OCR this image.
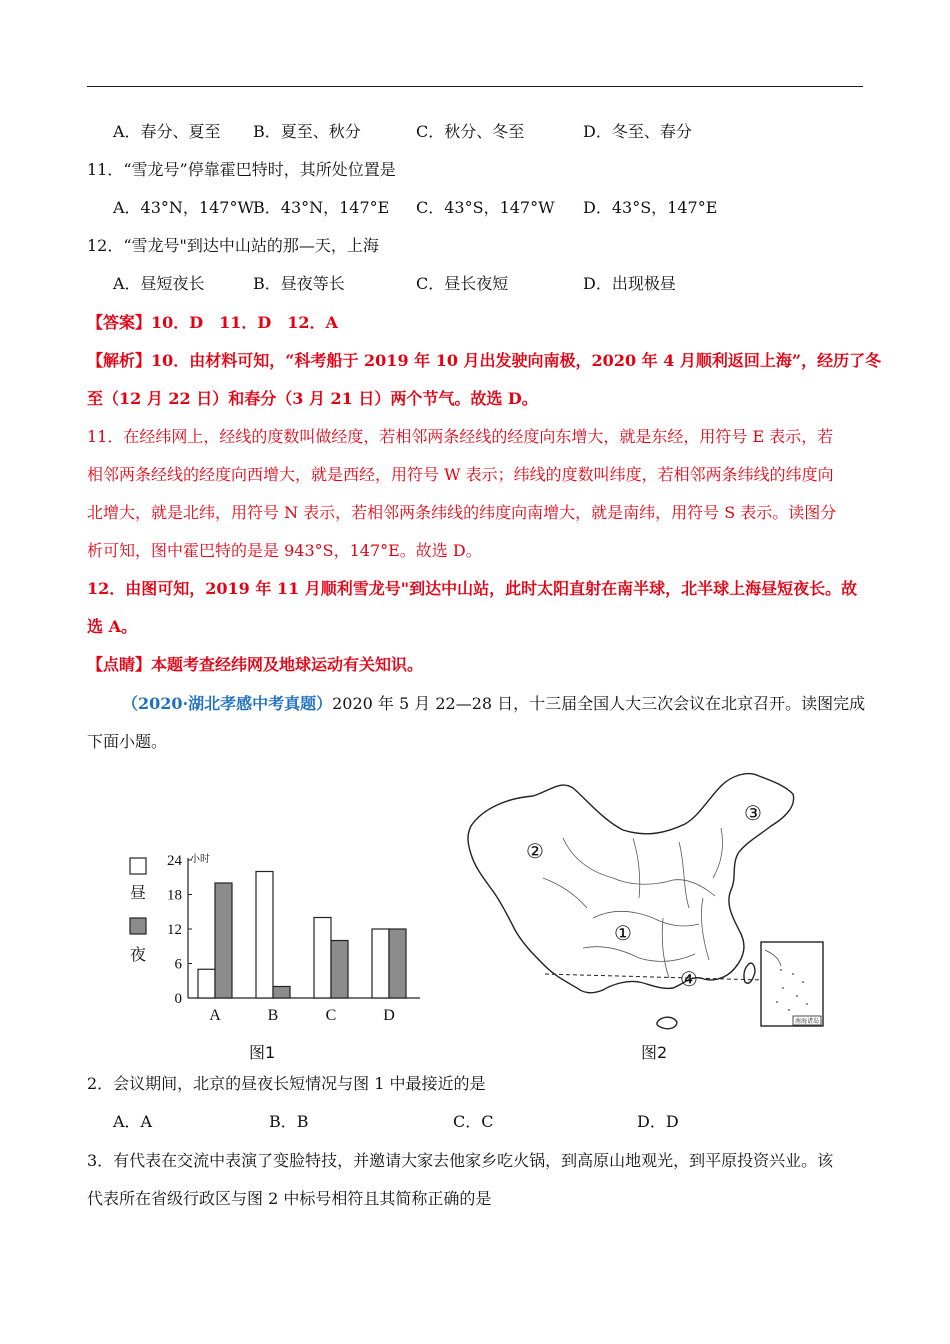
A．春分、夏至 B．夏至、秋分	C．秋分、冬至	D．冬至、春分
11．“雪龙号”停靠霍巴特时，其所处位置是
A．43°N，147°W B．43°N，147°E C．43°S，147°W D．43°S，147°E
12．“雪龙号"到达中山站的那—天，上海
A．昼短夜长	B．昼夜等长	C．昼长夜短	D．出现极昼
【答案】10．D　11．D　12．A
【解析】10．由材料可知，“科考船于 2019 年 10 月出发驶向南极，2020 年 4 月顺利返回上海”，经历了冬
至（12 月 22 日）和春分（3 月 21 日）两个节气。故选 D。
11．在经纬网上，经线的度数叫做经度，若相邻两条经线的经度向东增大，就是东经，用符号 E 表示，若
相邻两条经线的经度向西增大，就是西经，用符号 W 表示；纬线的度数叫纬度，若相邻两条纬线的纬度向
北增大，就是北纬，用符号 N 表示，若相邻两条纬线的纬度向南增大，就是南纬，用符号 S 表示。读图分
析可知，图中霍巴特的是是 943°S，147°E。故选 D。
12．由图可知，2019 年 11 月顺利雪龙号"到达中山站，此时太阳直射在南半球，北半球上海昼短夜长。故
选 A。
【点睛】本题考查经纬网及地球运动有关知识。
（2020·湖北孝感中考真题）2020 年 5 月 22—28 日，十三届全国人大三次会议在北京召开。读图完成
下面小题。
0
6
12
18
24 小时
昼
夜
A	B	C	D
图1
②
③
①
④
南海诸岛
图2
2．会议期间，北京的昼夜长短情况与图 1 中最接近的是
A．A	B．B	C．C	D．D
3．有代表在交流中表演了变脸特技，并邀请大家去他家乡吃火锅，到高原山地观光，到平原投资兴业。该
代表所在省级行政区与图 2 中标号相符且其简称正确的是
